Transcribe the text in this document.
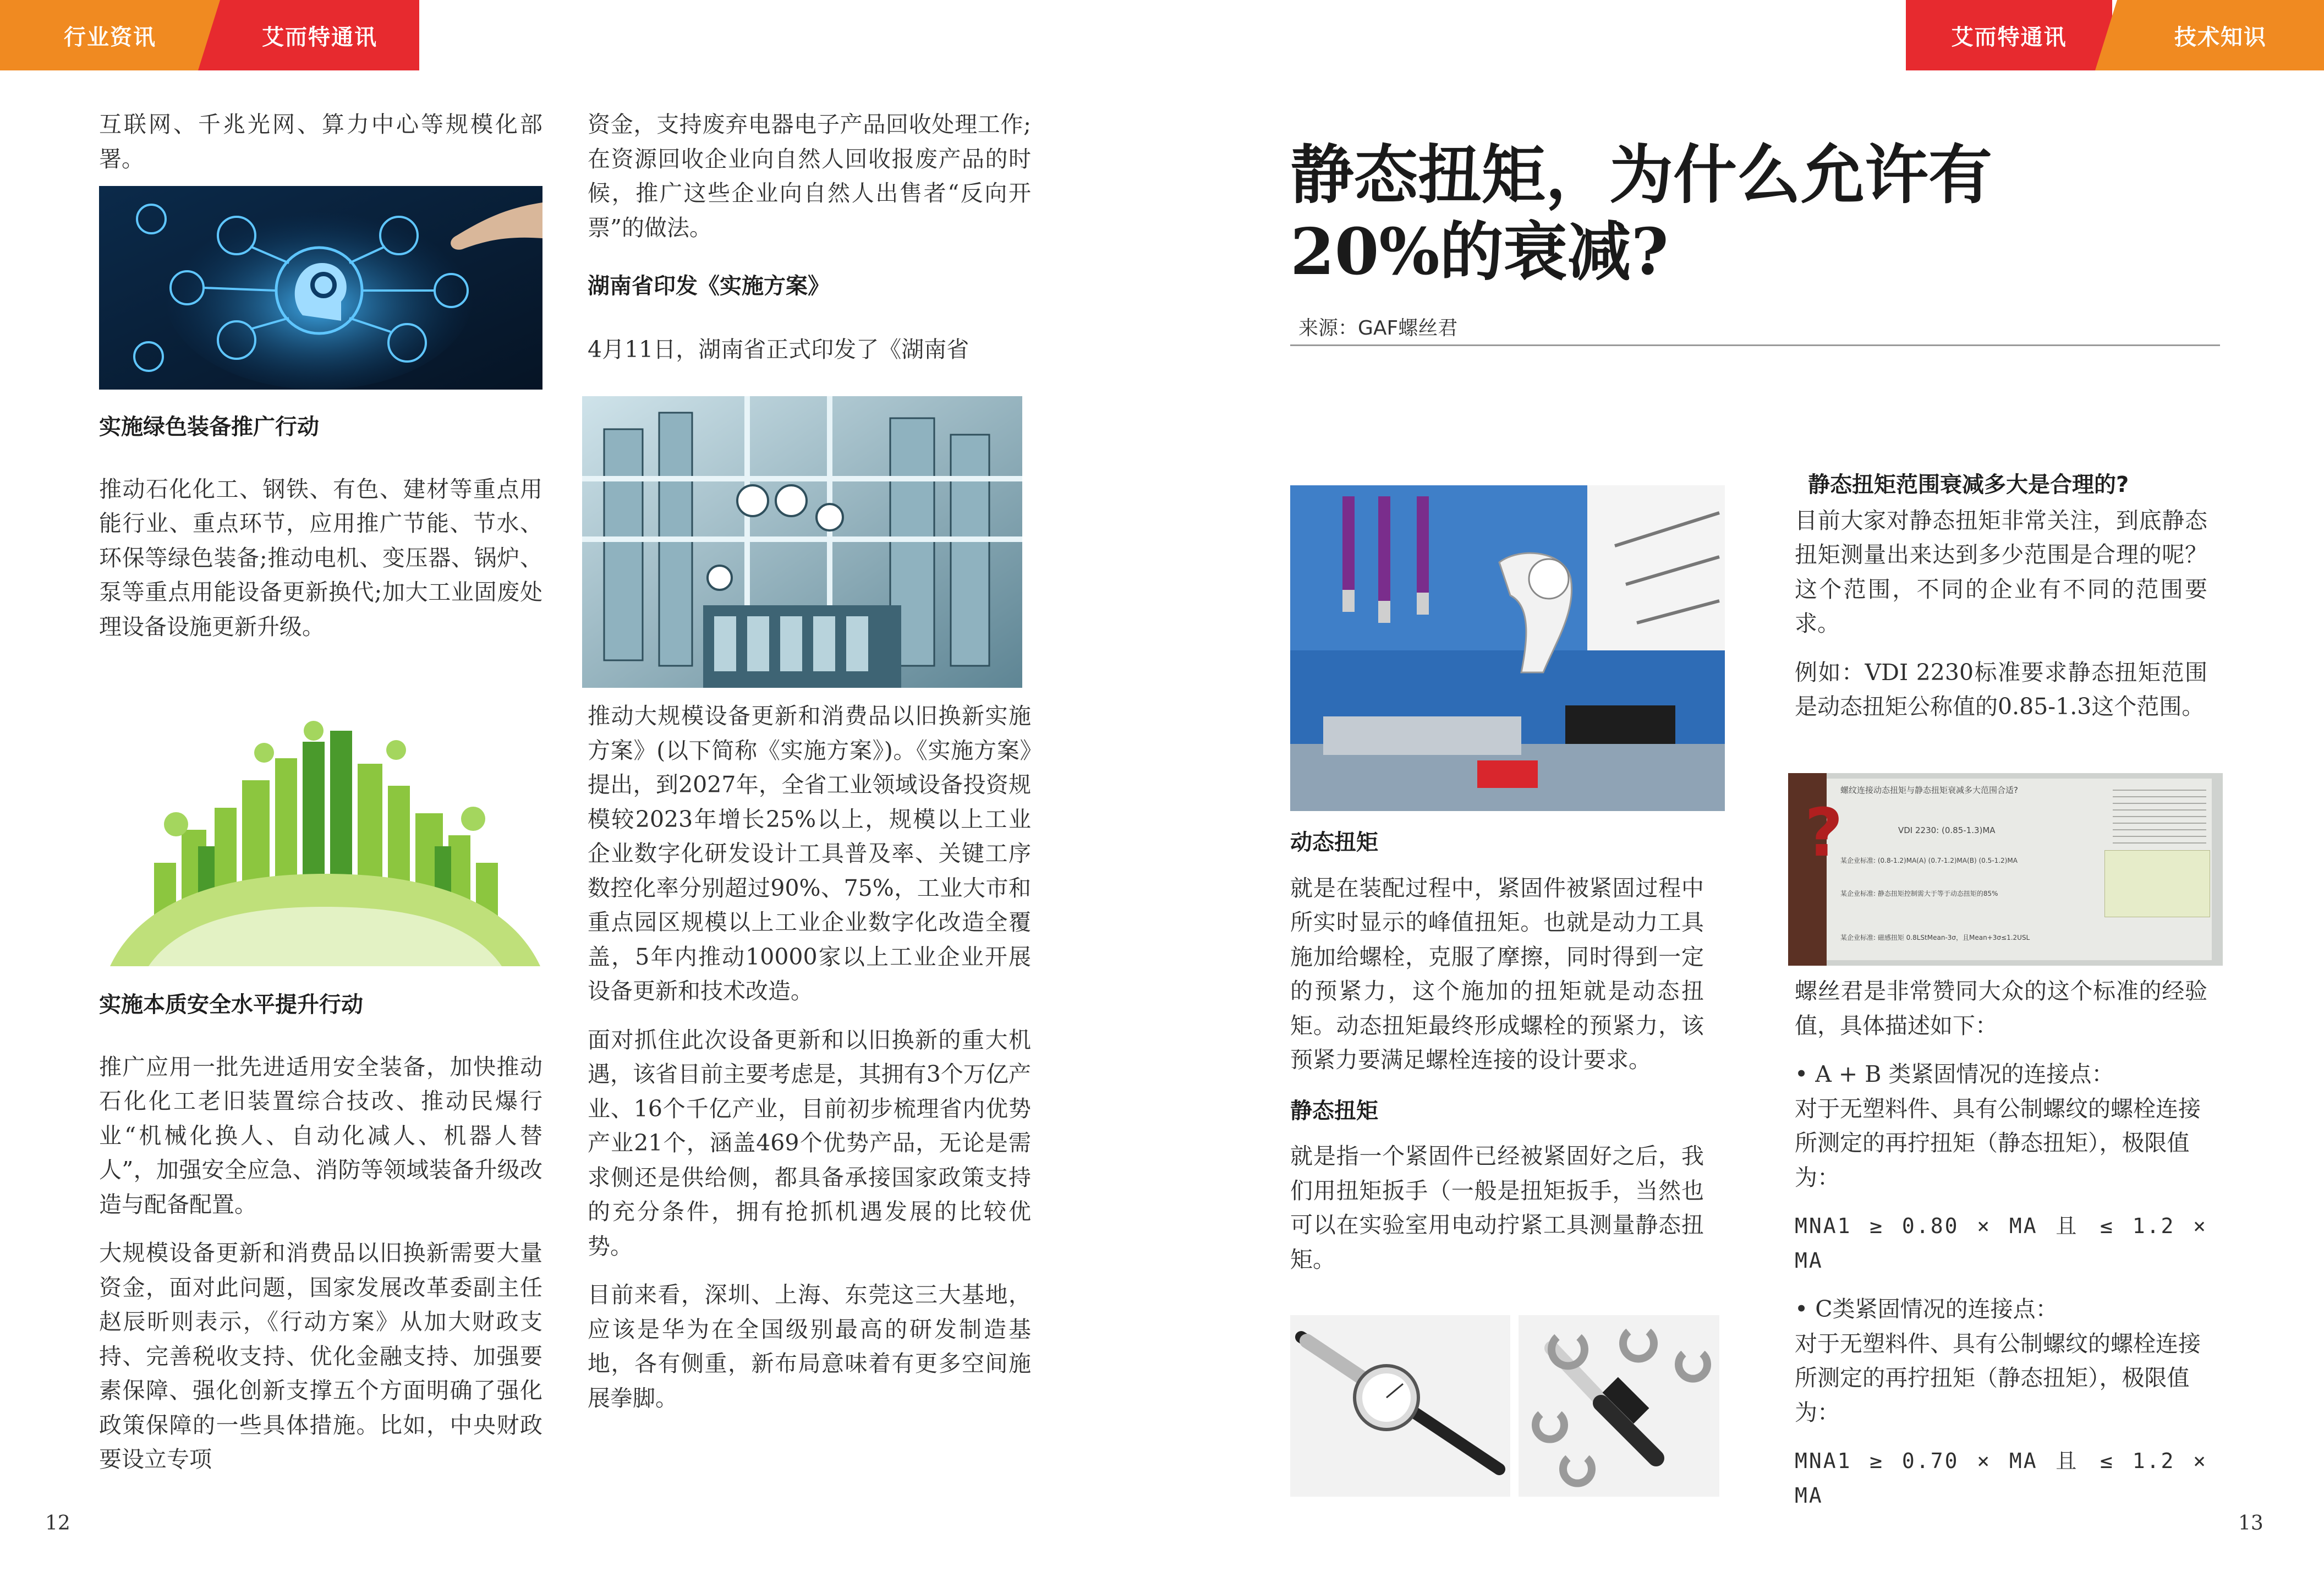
行业资讯	艾而特通讯	艾而特通讯	技术知识

互联网、千兆光网、算力中心等规模化部署。

实施绿色装备推广行动

推动石化化工、钢铁、有色、建材等重点用能行业、重点环节，应用推广节能、节水、环保等绿色装备;推动电机、变压器、锅炉、泵等重点用能设备更新换代;加大工业固废处理设备设施更新升级。

实施本质安全水平提升行动

推广应用一批先进适用安全装备，加快推动石化化工老旧装置综合技改、推动民爆行业“机械化换人、自动化减人、机器人替人”，加强安全应急、消防等领域装备升级改造与配备配置。

大规模设备更新和消费品以旧换新需要大量资金，面对此问题，国家发展改革委副主任赵辰昕则表示，《行动方案》从加大财政支持、完善税收支持、优化金融支持、加强要素保障、强化创新支撑五个方面明确了强化政策保障的一些具体措施。比如，中央财政要设立专项

资金，支持废弃电器电子产品回收处理工作;在资源回收企业向自然人回收报废产品的时候，推广这些企业向自然人出售者“反向开票”的做法。

湖南省印发《实施方案》

4月11日，湖南省正式印发了《湖南省

推动大规模设备更新和消费品以旧换新实施方案》(以下简称《实施方案》)。《实施方案》提出，到2027年，全省工业领域设备投资规模较2023年增长25%以上，规模以上工业企业数字化研发设计工具普及率、关键工序数控化率分别超过90%、75%，工业大市和重点园区规模以上工业企业数字化改造全覆盖，5年内推动10000家以上工业企业开展设备更新和技术改造。

面对抓住此次设备更新和以旧换新的重大机遇，该省目前主要考虑是，其拥有3个万亿产业、16个千亿产业，目前初步梳理省内优势产业21个，涵盖469个优势产品，无论是需求侧还是供给侧，都具备承接国家政策支持的充分条件，拥有抢抓机遇发展的比较优势。

目前来看，深圳、上海、东莞这三大基地，应该是华为在全国级别最高的研发制造基地，各有侧重，新布局意味着有更多空间施展拳脚。

12
静态扭矩，为什么允许有20%的衰减?
来源：GAF螺丝君
动态扭矩

就是在装配过程中，紧固件被紧固过程中所实时显示的峰值扭矩。也就是动力工具施加给螺栓，克服了摩擦，同时得到一定的预紧力，这个施加的扭矩就是动态扭矩。动态扭矩最终形成螺栓的预紧力，该预紧力要满足螺栓连接的设计要求。

静态扭矩

就是指一个紧固件已经被紧固好之后，我们用扭矩扳手（一般是扭矩扳手，当然也可以在实验室用电动拧紧工具测量静态扭矩。

静态扭矩范围衰减多大是合理的?

目前大家对静态扭矩非常关注，到底静态扭矩测量出来达到多少范围是合理的呢？这个范围，不同的企业有不同的范围要求。

例如：VDI 2230标准要求静态扭矩范围是动态扭矩公称值的0.85-1.3这个范围。

?
螺纹连接动态扭矩与静态扭矩衰减多大范围合适?
VDI 2230: (0.85-1.3)MA
某企业标准: (0.8-1.2)MA(A) (0.7-1.2)MA(B) (0.5-1.2)MA
某企业标准: 静态扭矩控制需大于等于动态扭矩的85%
某企业标准: 磁感扭矩 0.8LStMean-3σ，且Mean+3σ≤1.2USL

螺丝君是非常赞同大众的这个标准的经验值，具体描述如下：

• A + B 类紧固情况的连接点：

对于无塑料件、具有公制螺纹的螺栓连接所测定的再拧扭矩（静态扭矩），极限值为：

MNA1 ≥ 0.80 × MA 且 ≤ 1.2 × MA

• C类紧固情况的连接点：

对于无塑料件、具有公制螺纹的螺栓连接所测定的再拧扭矩（静态扭矩），极限值为：

MNA1 ≥ 0.70 × MA 且 ≤ 1.2 × MA

13
